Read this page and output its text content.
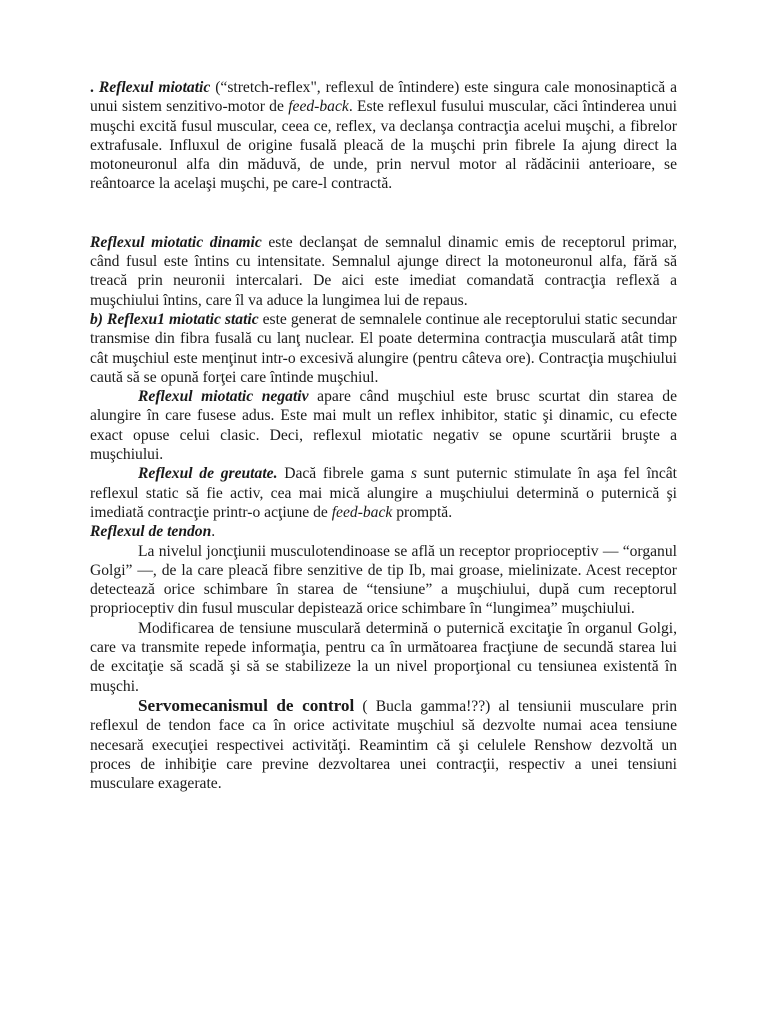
. Reflexul miotatic (“stretch-reflex", reflexul de întindere) este singura cale monosinaptică a unui sistem senzitivo-motor de feed-back. Este reflexul fusului muscular, căci întinderea unui muşchi excită fusul muscular, ceea ce, reflex, va declanşa contracţia acelui muşchi, a fibrelor extrafusale. Influxul de origine fusală pleacă de la muşchi prin fibrele Ia ajung direct la motoneuronul alfa din măduvă, de unde, prin nervul motor al rădăcinii anterioare, se reântoarce la acelaşi muşchi, pe care-l contractă.

Reflexul miotatic dinamic este declanşat de semnalul dinamic emis de receptorul primar, când fusul este întins cu intensitate. Semnalul ajunge direct la motoneuronul alfa, fără să treacă prin neuronii intercalari. De aici este imediat comandată contracţia reflexă a muşchiului întins, care îl va aduce la lungimea lui de repaus.

b) Reflexu1 miotatic static este generat de semnalele continue ale receptorului static secundar transmise din fibra fusală cu lanţ nuclear. El poate determina contracţia musculară atât timp cât muşchiul este menţinut intr-o excesivă alungire (pentru câteva ore). Contracţia muşchiului caută să se opună forţei care întinde muşchiul.

Reflexul miotatic negativ apare când muşchiul este brusc scurtat din starea de alungire în care fusese adus. Este mai mult un reflex inhibitor, static şi dinamic, cu efecte exact opuse celui clasic. Deci, reflexul miotatic negativ se opune scurtării bruşte a muşchiului.

Reflexul de greutate. Dacă fibrele gama s sunt puternic stimulate în aşa fel încât reflexul static să fie activ, cea mai mică alungire a muşchiului determină o puternică şi imediată contracţie printr-o acţiune de feed-back promptă.

Reflexul de tendon.

La nivelul joncţiunii musculotendinoase se află un receptor proprioceptiv — “organul Golgi” —, de la care pleacă fibre senzitive de tip Ib, mai groase, mielinizate. Acest receptor detectează orice schimbare în starea de “tensiune” a muşchiului, după cum receptorul proprioceptiv din fusul muscular depistează orice schimbare în “lungimea” muşchiului.

Modificarea de tensiune musculară determină o puternică excitaţie în organul Golgi, care va transmite repede informaţia, pentru ca în următoarea fracţiune de secundă starea lui de excitaţie să scadă şi să se stabilizeze la un nivel proporţional cu tensiunea existentă în muşchi.

Servomecanismul de control ( Bucla gamma!??) al tensiunii musculare prin reflexul de tendon face ca în orice activitate muşchiul să dezvolte numai acea tensiune necesară execuţiei respectivei activităţi. Reamintim că şi celulele Renshow dezvoltă un proces de inhibiţie care previne dezvoltarea unei contracţii, respectiv a unei tensiuni musculare exagerate.
